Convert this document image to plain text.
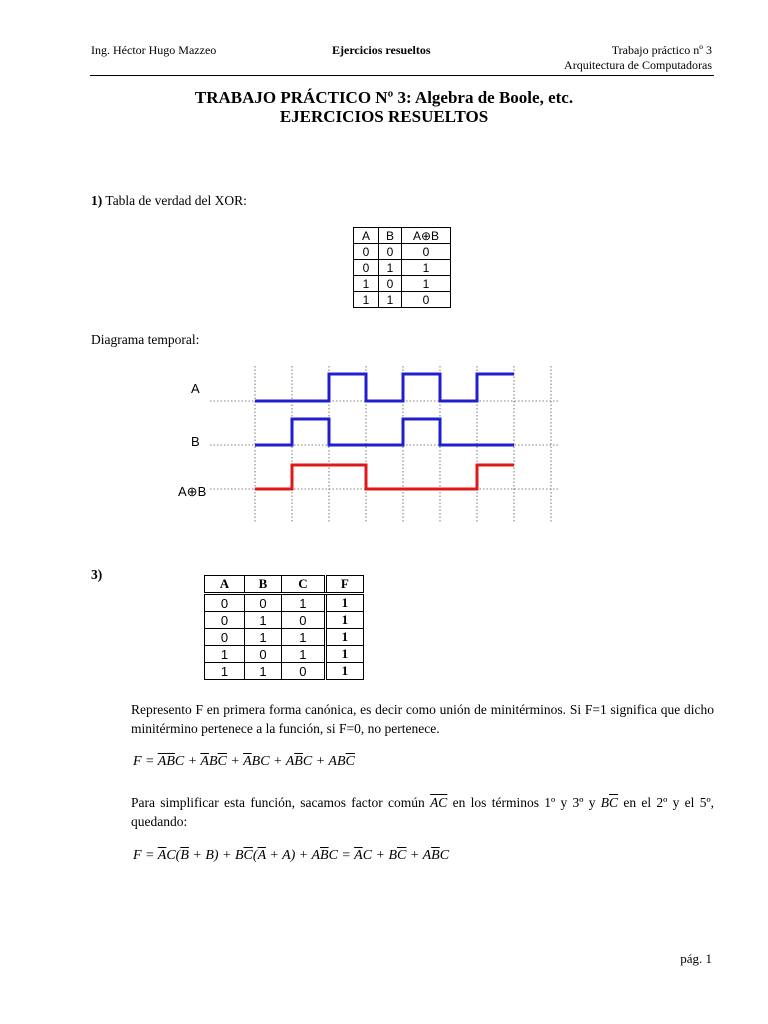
Ing. Héctor Hugo Mazzeo	Ejercicios resueltos	Trabajo práctico nº 3
Arquitectura de Computadoras
TRABAJO PRÁCTICO Nº 3: Algebra de Boole, etc.
EJERCICIOS RESUELTOS
1) Tabla de verdad del XOR:
A	B	A⊕B
0	0	0
0	1	1
1	0	1
1	1	0
Diagrama temporal:
A
B
A⊕B
3)
A	B	C	F
0	0	1	1
0	1	0	1
0	1	1	1
1	0	1	1
1	1	0	1
Represento F en primera forma canónica, es decir como unión de minitérminos. Si F=1 significa que dicho minitérmino pertenece a la función, si F=0, no pertenece.
$F = \overline{A}\overline{B}C + \overline{A}B\overline{C} + \overline{A}BC + A\overline{B}C + AB\overline{C}$
Para simplificar esta función, sacamos factor común $\overline{AC}$ en los términos 1º y 3º y $B\overline{C}$ en el 2º y el 5º, quedando:
$F = \overline{A}C(\overline{B} + B) + B\overline{C}(\overline{A} + A) + A\overline{B}C = \overline{A}C + B\overline{C} + A\overline{B}C$
pág. 1
